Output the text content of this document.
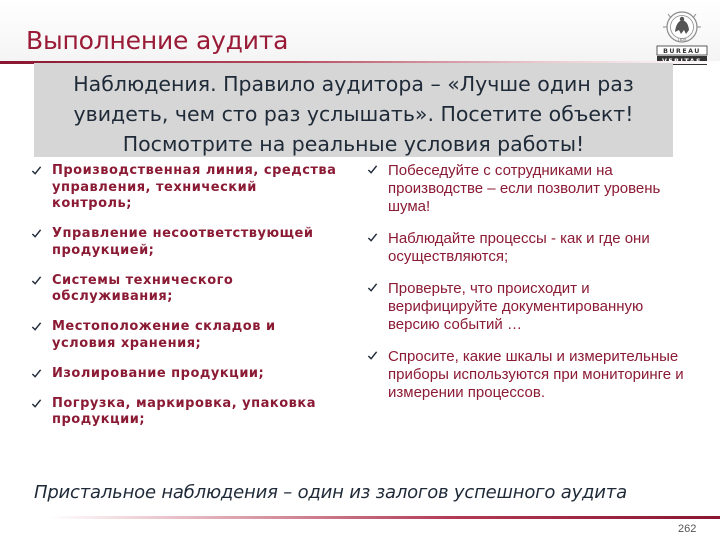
Выполнение аудита	1828
BUREAU
Наблюдения. Правило аудитора – «Лучше один раз
увидеть, чем сто раз услышать». Посетите объект!
Посмотрите на реальные условия работы!
Производственная линия, средства управления, технический контроль;
Управление несоответствующей продукцией;
Системы технического обслуживания;
Местоположение складов и условия хранения;
Изолирование продукции;
Погрузка, маркировка, упаковка продукции;
Побеседуйте с сотрудниками на производстве – если позволит уровень шума!
Наблюдайте процессы - как и где они осуществляются;
Проверьте, что происходит и верифицируйте документированную версию событий …
Спросите, какие шкалы и измерительные приборы используются при мониторинге и измерении процессов.
Пристальное наблюдения – один из залогов успешного аудита
262
